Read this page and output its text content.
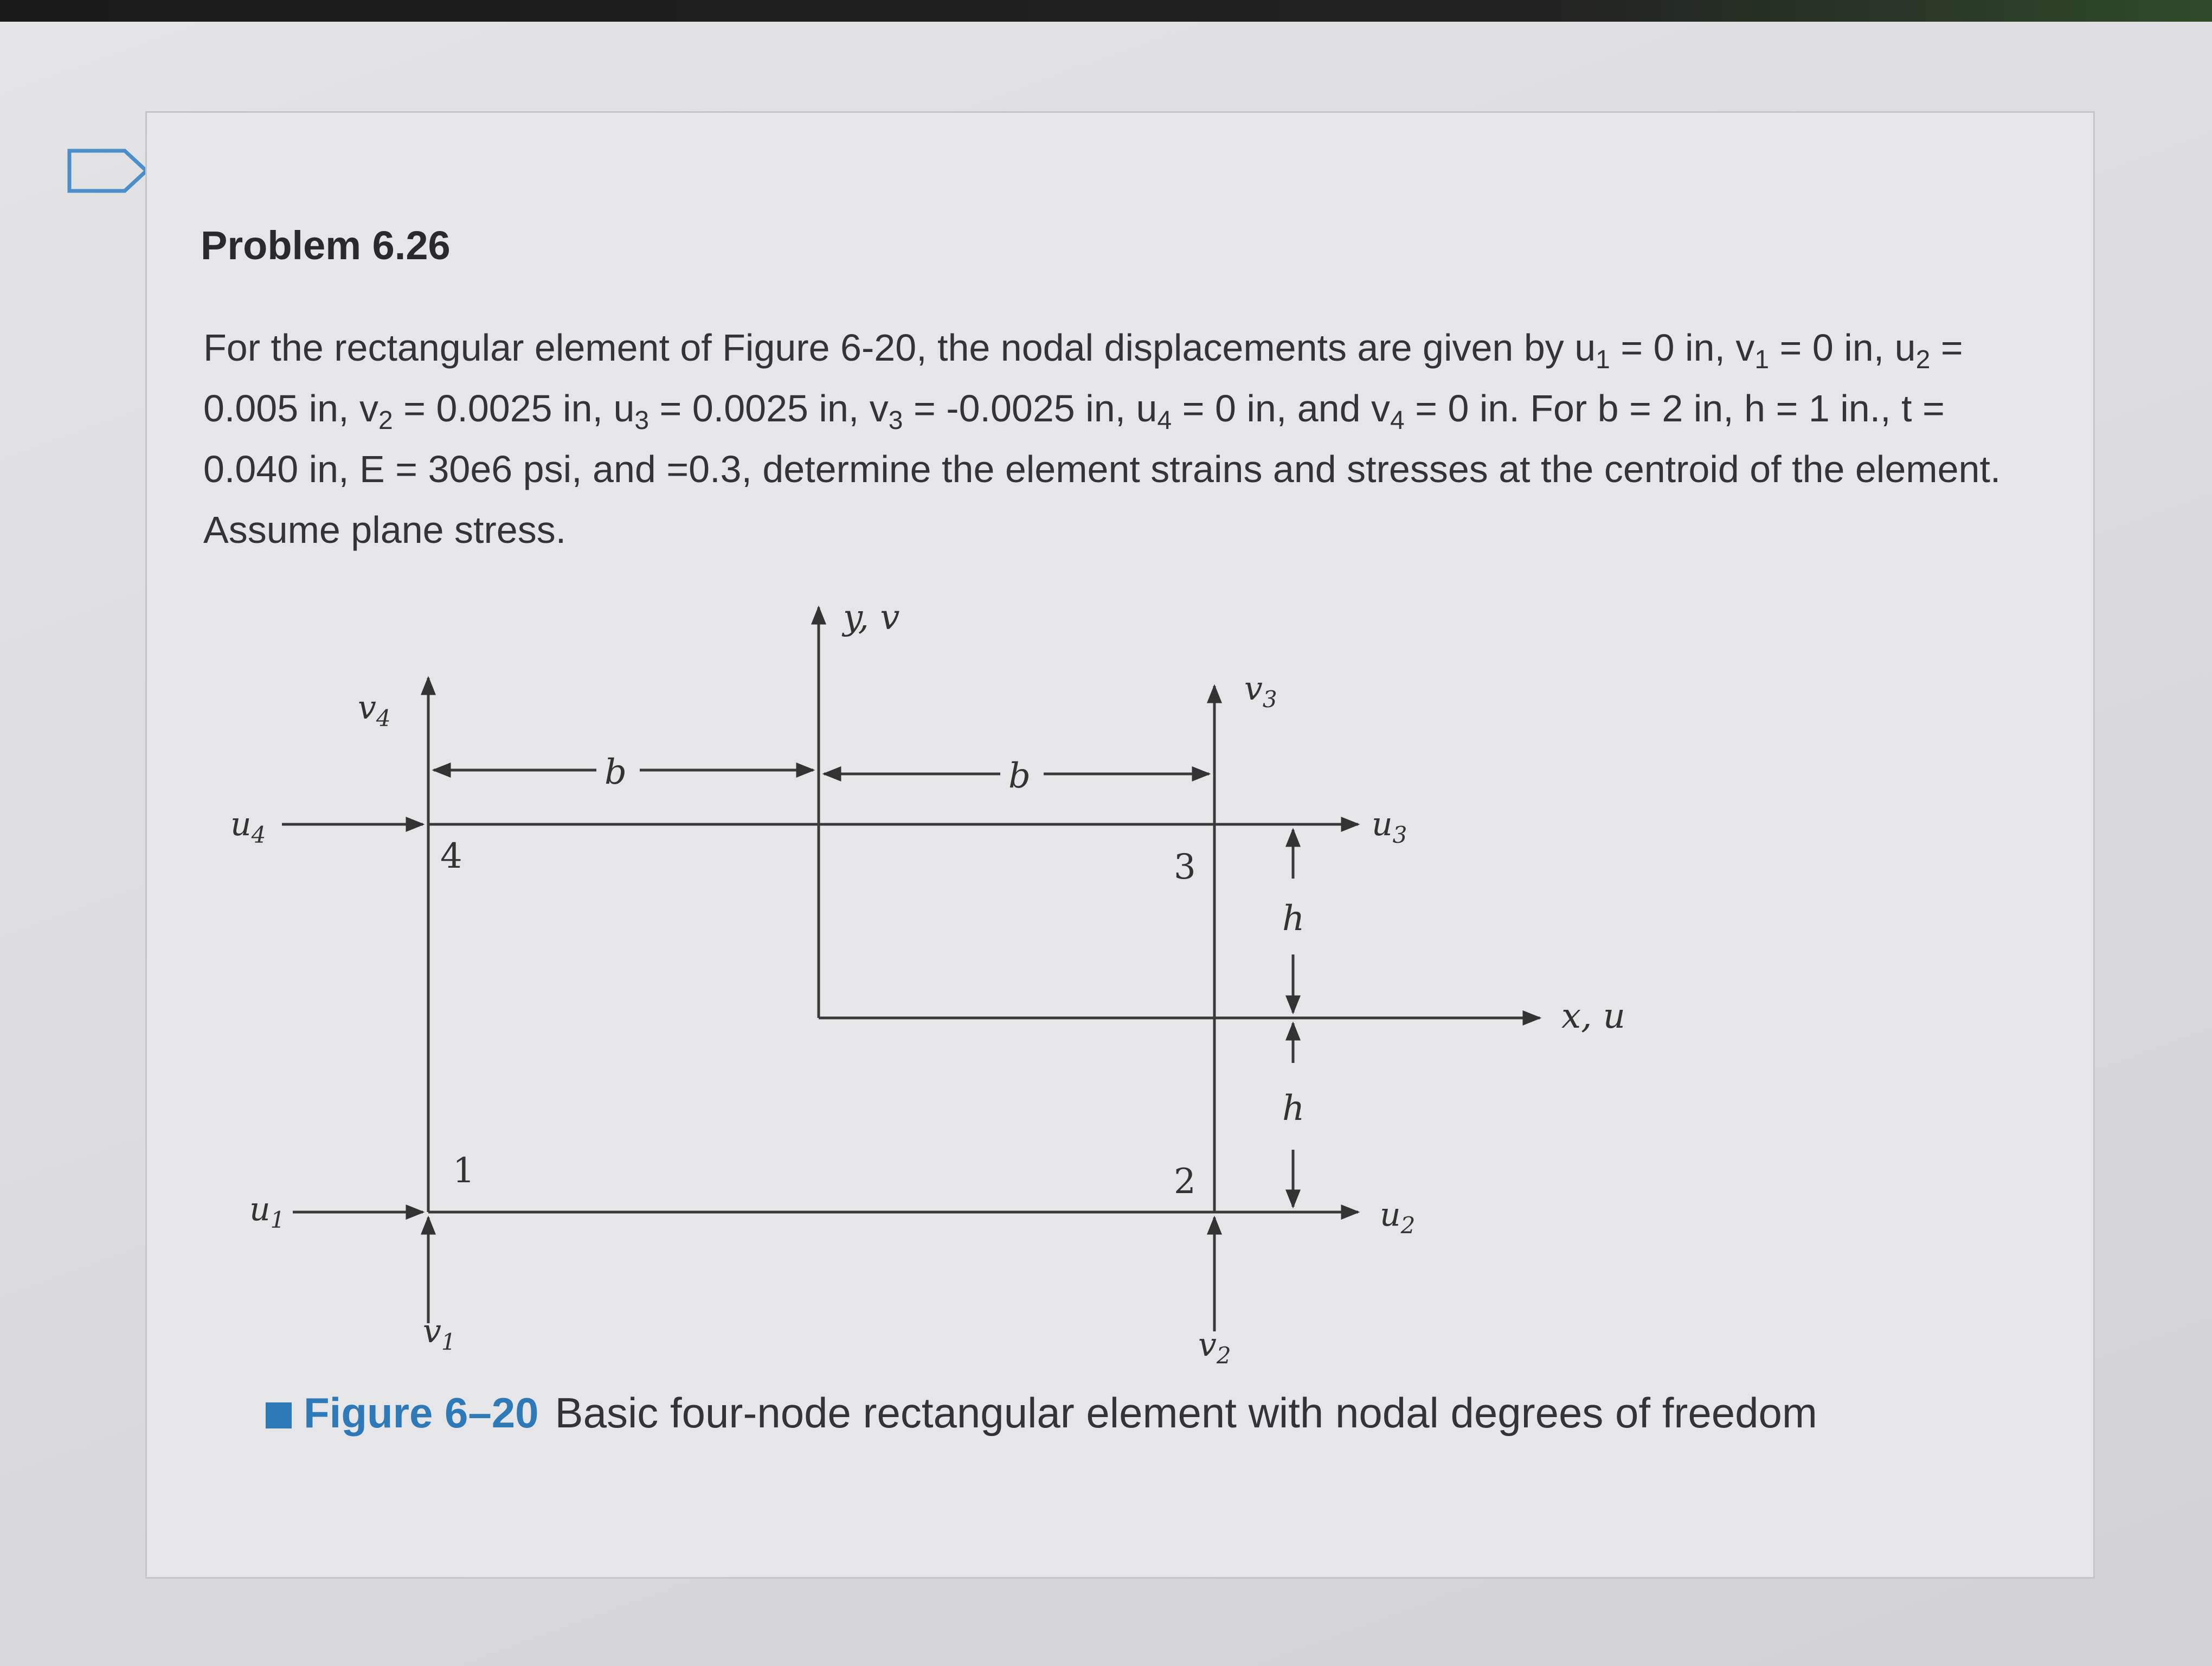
Problem 6.26
For the rectangular element of Figure 6-20, the nodal displacements are given by $u_1 = 0$ in, $v_1 = 0$ in, $u_2 = 0.005$ in, $v_2 = 0.0025$ in, $u_3 = 0.0025$ in, $v_3 = -0.0025$ in, $u_4 = 0$ in, and $v_4 = 0$ in. For b = 2 in, h = 1 in., t = 0.040 in, E = 30e6 psi, and =0.3, determine the element strains and stresses at the centroid of the element. Assume plane stress.
y, v
x, u
b	b
h
h
1	2
3
4
$u_4$
$u_1$
$u_3$
$u_2$
$v_4$
$v_1$
$v_3$
$v_2$
Figure 6–20 Basic four-node rectangular element with nodal degrees of freedom
